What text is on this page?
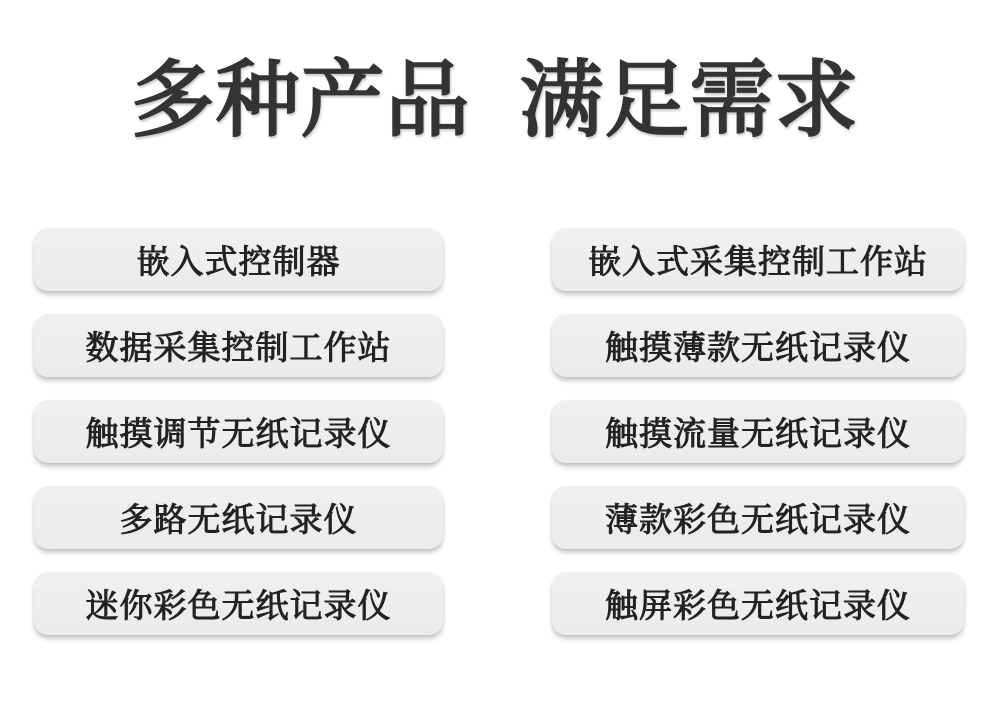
多种产品  满足需求
嵌入式控制器
数据采集控制工作站
触摸调节无纸记录仪
多路无纸记录仪
迷你彩色无纸记录仪
嵌入式采集控制工作站
触摸薄款无纸记录仪
触摸流量无纸记录仪
薄款彩色无纸记录仪
触屏彩色无纸记录仪
